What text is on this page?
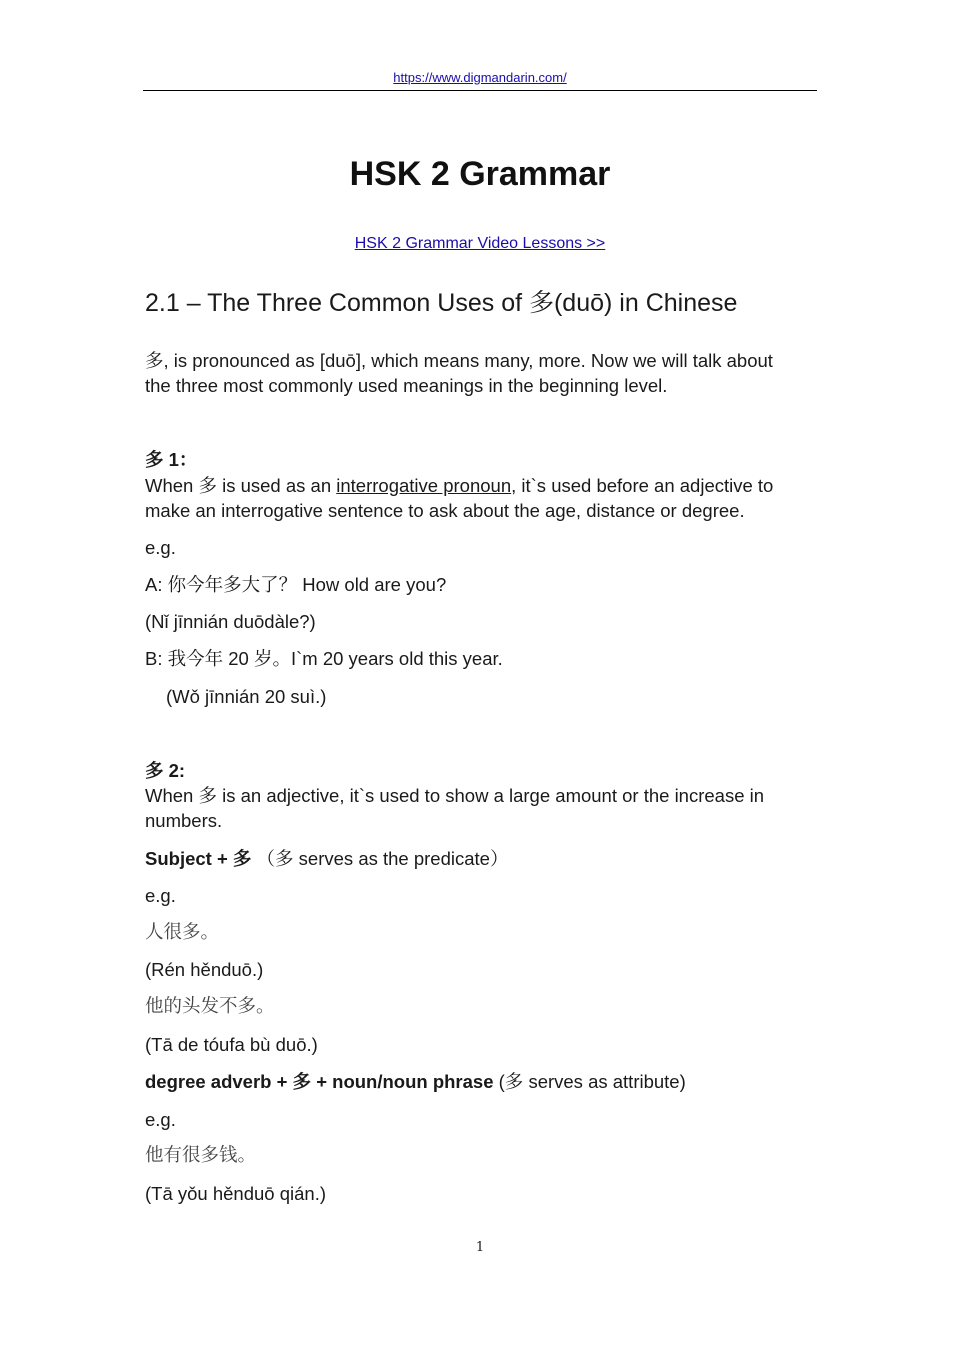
https://www.digmandarin.com/
HSK 2 Grammar
HSK 2 Grammar Video Lessons >>
2.1 – The Three Common Uses of 多(duō) in Chinese
多, is pronounced as [duō], which means many, more. Now we will talk about
the three most commonly used meanings in the beginning level.
多 1：
When 多 is used as an interrogative pronoun, it`s used before an adjective to
make an interrogative sentence to ask about the age, distance or degree.
e.g.
A: 你今年多大了？ How old are you?
(Nǐ jīnnián duōdàle?)
B: 我今年 20 岁。I`m 20 years old this year.
(Wǒ jīnnián 20 suì.)
多 2:
When 多 is an adjective, it`s used to show a large amount or the increase in
numbers.
Subject + 多 （多 serves as the predicate）
e.g.
人很多。
(Rén hěnduō.)
他的头发不多。
(Tā de tóufa bù duō.)
degree adverb + 多 + noun/noun phrase (多 serves as attribute)
e.g.
他有很多钱。
(Tā yǒu hěnduō qián.)
1
